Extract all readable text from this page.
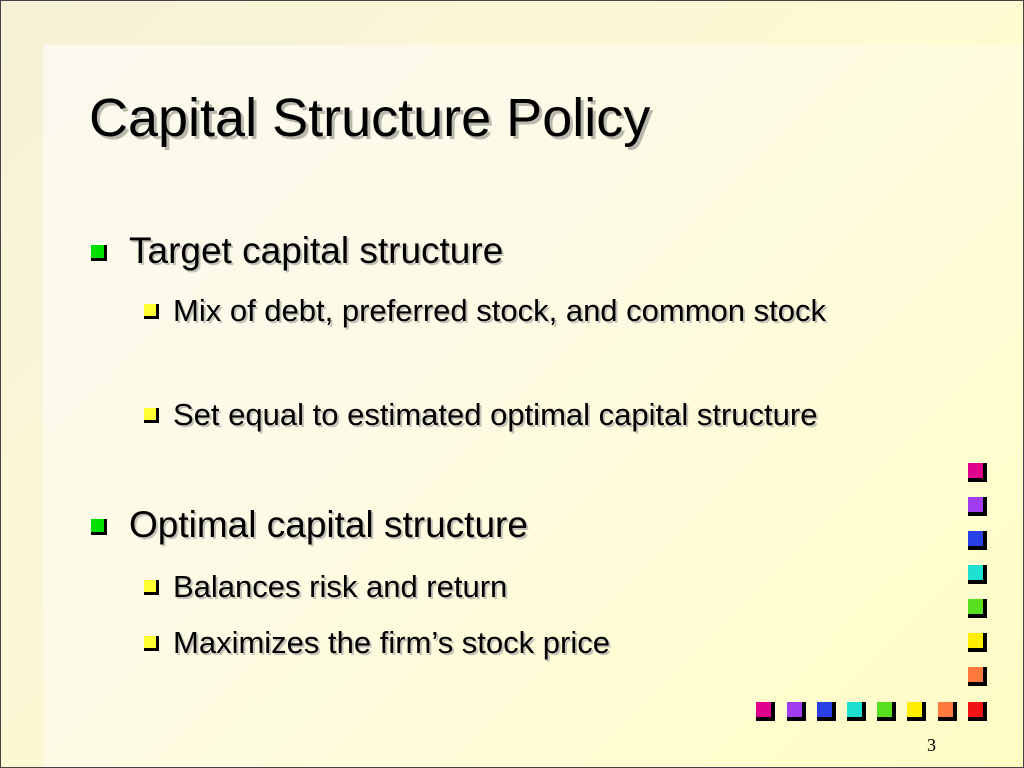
Capital Structure Policy
Target capital structure
Mix of debt, preferred stock, and common stock
Set equal to estimated optimal capital structure
Optimal capital structure
Balances risk and return
Maximizes the firm’s stock price
3
